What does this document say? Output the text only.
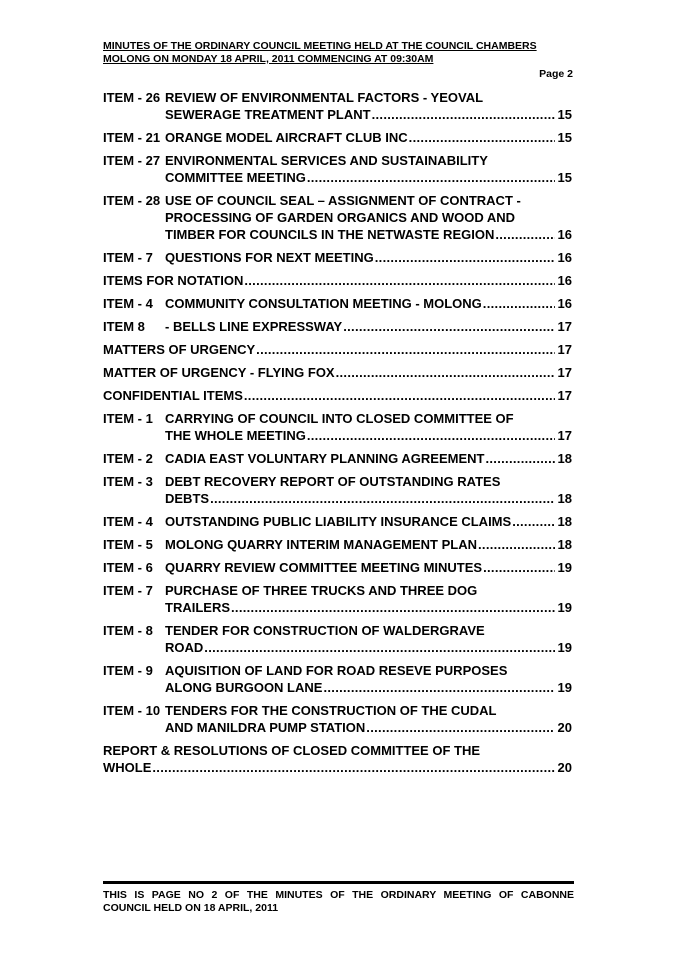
MINUTES OF THE ORDINARY COUNCIL MEETING HELD AT THE COUNCIL CHAMBERS
MOLONG ON MONDAY 18 APRIL, 2011 COMMENCING AT 09:30AM
Page 2
ITEM - 26 REVIEW OF ENVIRONMENTAL FACTORS - YEOVAL
SEWERAGE TREATMENT PLANT .....	15
ITEM - 21 ORANGE MODEL AIRCRAFT CLUB INC .....	15
ITEM - 27 ENVIRONMENTAL SERVICES AND SUSTAINABILITY
COMMITTEE MEETING .....	15
ITEM - 28 USE OF COUNCIL SEAL – ASSIGNMENT OF CONTRACT -
PROCESSING OF GARDEN ORGANICS AND WOOD AND
TIMBER FOR COUNCILS IN THE NETWASTE REGION .....	16
ITEM - 7 QUESTIONS FOR NEXT MEETING .....	16
ITEMS FOR NOTATION .....	16
ITEM - 4 COMMUNITY CONSULTATION MEETING - MOLONG .....	16
ITEM 8	- BELLS LINE EXPRESSWAY .....	17
MATTERS OF URGENCY .....	17
MATTER OF URGENCY - FLYING FOX .....	17
CONFIDENTIAL ITEMS .....	17
ITEM - 1 CARRYING OF COUNCIL INTO CLOSED COMMITTEE OF
THE WHOLE MEETING .....	17
ITEM - 2 CADIA EAST VOLUNTARY PLANNING AGREEMENT .....	18
ITEM - 3 DEBT RECOVERY REPORT OF OUTSTANDING RATES
DEBTS .....	18
ITEM - 4 OUTSTANDING PUBLIC LIABILITY INSURANCE CLAIMS .....	18
ITEM - 5 MOLONG QUARRY INTERIM MANAGEMENT PLAN .....	18
ITEM - 6 QUARRY REVIEW COMMITTEE MEETING MINUTES .....	19
ITEM - 7 PURCHASE OF THREE TRUCKS AND THREE DOG
TRAILERS .....	19
ITEM - 8 TENDER FOR CONSTRUCTION OF WALDERGRAVE
ROAD .....	19
ITEM - 9 AQUISITION OF LAND FOR ROAD RESEVE PURPOSES
ALONG BURGOON LANE .....	19
ITEM - 10 TENDERS FOR THE CONSTRUCTION OF THE CUDAL
AND MANILDRA PUMP STATION .....	20
REPORT & RESOLUTIONS OF CLOSED COMMITTEE OF THE
WHOLE .....	20
THIS IS PAGE NO 2 OF THE MINUTES OF THE ORDINARY MEETING OF CABONNE
COUNCIL HELD ON 18 APRIL, 2011
